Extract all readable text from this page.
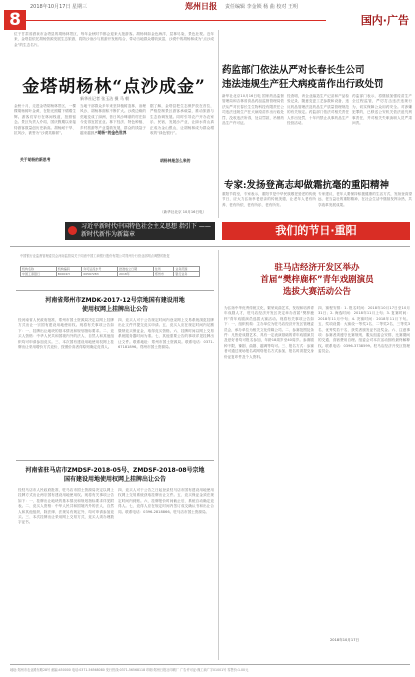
2018年10月17日 星期三	郑州日报 责任编辑 李金锁 杨 曲 校对 王明
8	国内·广告
位于甘肃省酒泉市金塔县的胡杨林景区，每年金秋时节都会迎来大批游客。胡杨林如金色海洋，层林尽染，景色壮观。近年来，金塔县依托胡杨资源发展生态旅游，将防沙治沙与旅游开发相结合，带动当地群众增收致富，沙漠中的胡杨林成为“点沙成金”的生态名片。
金塔胡杨林“点沙成金”
新华社记者 张玉洁 摄 马 朝
金秋十月，走进金塔胡杨林景区，一棵棵胡杨树叶金黄，在阳光照耀下熠熠生辉。游客们穿行在林间栈道，拍照留念。景区负责人介绍，国庆假期以来接待游客数量创历史新高。胡杨耐干旱、抗风沙，被誉为“沙漠英雄树”。
关于胡杨的新思考
当地干部群众多年来坚持植树造林，治理风沙，胡杨林面积不断扩大。沙漠边缘的荒地变成了绿洲，昔日风沙肆虐的村庄如今变得宜居宜业。林下经济、特色种植、乡村旅游等产业蓬勃发展，群众的钱袋子越来越鼓。
“胡杨”的金色世界
据了解，金塔县把生态保护放在首位，严格控制景区游客承载量，推动旅游与生态协调发展。同时引导农户开办农家乐、民宿，发展沙产业，让绿水青山真正成为金山银山，让胡杨林成为群众增收的“绿色银行”。
胡杨林是怎么来的
药监部门依法从严对长春长生公司
违法违规生产狂犬病疫苗作出行政处罚
新华社北京10月16日电 国家药品监督管理局和吉林省食品药品监督管理局依法从严对长春长生生物科技有限责任公司违法违规生产狂犬病疫苗作出行政处罚，没收违法所得，处以罚款，吊销药品生产许可证。
经查明，该企业编造生产记录和产品检验记录，随意变更工艺参数和设备，违反药品管理法及药品生产质量管理规范的有关规定。药监部门依法对相关责任人作出处罚，十年内禁止从事药品生产经营活动。
药监部门表示，将继续加强疫苗生产全过程监管，严厉打击违法违规行为，切实保障公众用药安全。对涉嫌犯罪的，已移送公安机关依法追究刑事责任，并对相关失职渎职人员严肃问责。
专家:发扬登高志却做霜抗毫的重阳精神
重阳节将至，专家表示，重阳节是中华民族敬老爱老的传统节日，应大力弘扬孝老爱亲的传统美德，让老年人老有所养、老有所依、老有所乐、老有所安。
专家建议，老年人要保持积极健康的生活方式，发扬登高望远、老当益壮的重阳精神，在社会生活中继续发挥余热，共享改革发展成果。
（新华社北京 10月16日电）
习近平新时代中国特色社会主义思想 指引下 —— 新时代新作为新篇章	我们的节日·重阳
中国银行业监督管理委员会河南监管局关于同意中国工商银行股份有限公司郑州分行营业部网点调整的批复
机构名称	机构编码	许可证流水号	批准成立日期	住所	业务范围
中国工商银行	B0001H	00567283	2018年	郑州市	银行业务
河南省郑州市ZMDK-2017-12号宗地国有建设用地
使用权网上挂牌出让公告
经河南省人民政府批准，郑州市国土资源局决定以网上挂牌方式出让一宗国有建设用地使用权。现将有关事项公告如下：一、挂牌出让地块的基本情况和规划指标要求。二、竞买人资格：中华人民共和国境内外的法人、自然人和其他组织均可申请参加竞买。三、本次国有建设用地使用权网上挂牌出让采用增价方式竞价，按照价高者得原则确定竞得人。
四、竞买人可于公告规定时间内登录网上交易系统浏览挂牌出让文件并提交竞买申请。五、竞买人应在规定时间内足额缴纳竞买保证金，取得竞买资格。六、挂牌时间以网上交易系统服务器时间为准。七、其他需要公告的事项详见挂牌出让文件。联系地址：郑州市国土资源局。联系电话：0371-67181896。郑州市国土资源局。
河南省驻马店市ZMDSF-2018-05号、ZMDSF-2018-08号宗地
国有建设用地使用权网上挂牌出让公告
经驻马店市人民政府批准，驻马店市国土资源局决定以网上挂牌方式出让两宗国有建设用地使用权。现将有关事项公告如下：一、挂牌出让地块的基本情况和规划指标要求详见附表。二、竞买人资格：中华人民共和国境内外的法人、自然人和其他组织，除法律、法规另有规定外，均可申请参加竞买。三、本次挂牌出让采用网上交易方式，竞买人须办理数字证书。
四、竞买人可于公告之日起登录驻马店市国有建设用地使用权网上交易系统获取挂牌出让文件。五、竞买保证金须在规定时间内到账。六、挂牌报价时间截止后，系统自动确定竞得人。七、竞得人应在规定时间内签订成交确认书和出让合同。联系电话：0396-2818866。驻马店市国土资源局。
驻马店经济开发区举办
首届“樊梓鹿杯”青年戏剧演员
选拔大赛活动公告
为弘扬中华优秀传统文化，繁荣戏曲艺术，发现和培养青年戏剧人才，驻马店经济开发区决定举办首届“樊梓鹿杯”青年戏剧演员选拔大赛活动。现将有关事项公告如下：一、组织机构：主办单位为驻马店经济开发区管理委员会，承办单位为相关文化传媒公司。二、参赛范围及条件：凡热爱戏剧艺术、具有一定表演基础的青年戏剧演员及爱好者均可报名参加，年龄18周岁至40周岁。参赛剧种不限，豫剧、曲剧、越调等均可。三、报名方式：参赛者可通过现场报名或网络报名方式参加，报名时须提交身份证复印件及个人资料。
四、赛程安排：1. 报名时间：2018年10月17日至10月31日；2. 海选时间：2018年11月上旬；3. 复赛时间：2018年11月中旬；4. 决赛时间：2018年11月下旬。五、奖项设置：大赛设一等奖1名、二等奖2名、三等奖3名、优秀奖若干名，获奖者颁发证书及奖金。六、注意事项：参赛者须遵守比赛规则，服从组委会安排，比赛期间的交通、食宿费用自理。组委会对本次活动拥有最终解释权。联系电话：0396-3738599。驻马店经济开发区管理委员会。
2018年10月17日
地址:郑州市农业路东路28号 邮编:450000 电话:0371-56568080 发行热线:0371-56568118 印刷:郑州日报社印刷厂 广告许可证:豫工商广字01001号 零售价:1.00元
